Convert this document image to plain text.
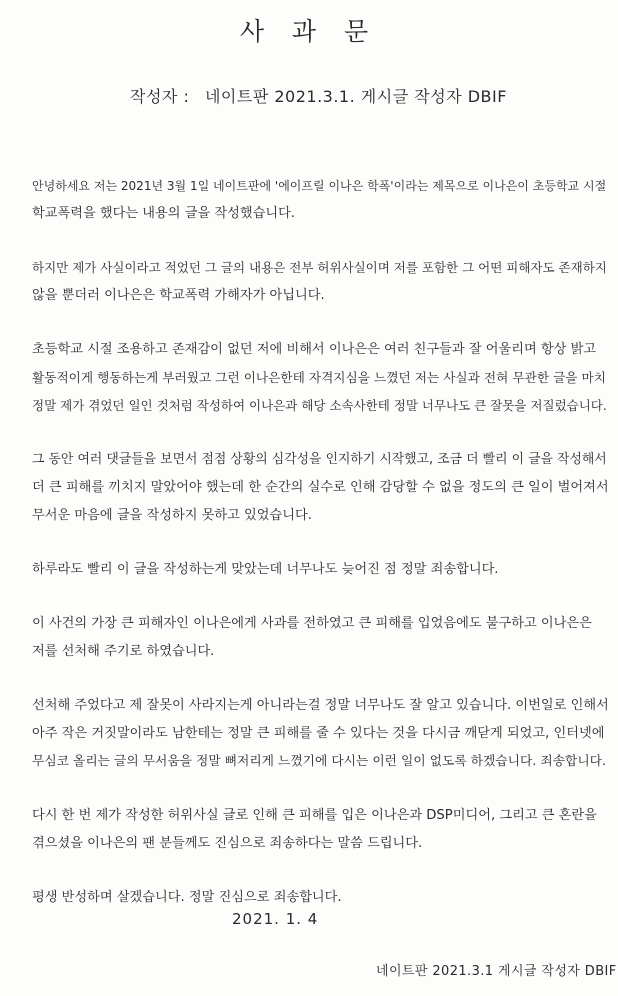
사 과 문
작성자 : 네이트판 2021.3.1. 게시글 작성자 DBIF

안녕하세요 저는 2021년 3월 1일 네이트판에 '에이프릴 이나은 학폭'이라는 제목으로 이나은이 초등학교 시절
학교폭력을 했다는 내용의 글을 작성했습니다.

하지만 제가 사실이라고 적었던 그 글의 내용은 전부 허위사실이며 저를 포함한 그 어떤 피해자도 존재하지
않을 뿐더러 이나은은 학교폭력 가해자가 아닙니다.

초등학교 시절 조용하고 존재감이 없던 저에 비해서 이나은은 여러 친구들과 잘 어울리며 항상 밝고
활동적이게 행동하는게 부러웠고 그런 이나은한테 자격지심을 느꼈던 저는 사실과 전혀 무관한 글을 마치
정말 제가 겪었던 일인 것처럼 작성하여 이나은과 해당 소속사한테 정말 너무나도 큰 잘못을 저질렀습니다.

그 동안 여러 댓글들을 보면서 점점 상황의 심각성을 인지하기 시작했고, 조금 더 빨리 이 글을 작성해서
더 큰 피해를 끼치지 말았어야 했는데 한 순간의 실수로 인해 감당할 수 없을 정도의 큰 일이 벌어져서
무서운 마음에 글을 작성하지 못하고 있었습니다.

하루라도 빨리 이 글을 작성하는게 맞았는데 너무나도 늦어진 점 정말 죄송합니다.

이 사건의 가장 큰 피해자인 이나은에게 사과를 전하였고 큰 피해를 입었음에도 불구하고 이나은은
저를 선처해 주기로 하였습니다.

선처해 주었다고 제 잘못이 사라지는게 아니라는걸 정말 너무나도 잘 알고 있습니다. 이번일로 인해서
아주 작은 거짓말이라도 남한테는 정말 큰 피해를 줄 수 있다는 것을 다시금 깨닫게 되었고, 인터넷에
무심코 올리는 글의 무서움을 정말 뼈저리게 느꼈기에 다시는 이런 일이 없도록 하겠습니다. 죄송합니다.

다시 한 번 제가 작성한 허위사실 글로 인해 큰 피해를 입은 이나은과 DSP미디어, 그리고 큰 혼란을
겪으셨을 이나은의 팬 분들께도 진심으로 죄송하다는 말씀 드립니다.

평생 반성하며 살겠습니다. 정말 진심으로 죄송합니다.

2021. 1. 4
네이트판 2021.3.1 게시글 작성자 DBIF
